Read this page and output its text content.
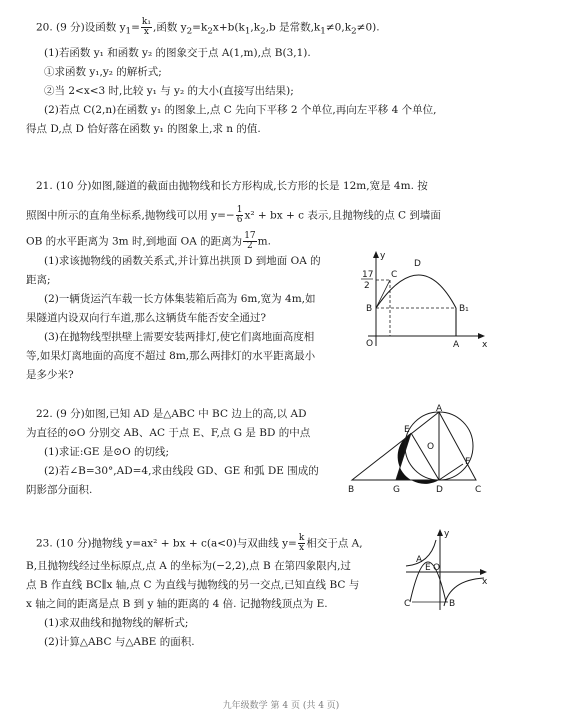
20. (9 分)设函数 $y_1= \frac{\text{k₁}}{x}$ ,函数 $y_2=k_2x+b(k_1,k_2,b$ 是常数$,k_1\ne 0,k_2\ne 0$).
(1)若函数 y₁ 和函数 y₂ 的图象交于点 A(1,m),点 B(3,1).
①求函数 y₁,y₂ 的解析式;
②当 2<x<3 时,比较 y₁ 与 y₂ 的大小(直接写出结果);
(2)若点 C(2,n)在函数 y₁ 的图象上,点 C 先向下平移 2 个单位,再向左平移 4 个单位,
得点 D,点 D 恰好落在函数 y₁ 的图象上,求 n 的值.
21. (10 分)如图,隧道的截面由抛物线和长方形构成,长方形的长是 12m,宽是 4m. 按
照图中所示的直角坐标系,抛物线可以用 $y=- \frac{1}{6} x^2$ + bx + c 表示,且抛物线的点 C 到墙面
OB 的水平距离为 3m 时,到地面 OA 的距离为 $\frac{17}{2} m$.
(1)求该抛物线的函数关系式,并计算出拱顶 D 到地面 OA 的
距离;
(2)一辆货运汽车载一长方体集装箱后高为 6m,宽为 4m,如
果隧道内设双向行车道,那么这辆货车能否安全通过?
(3)在抛物线型拱壁上需要安装两排灯,使它们离地面高度相
等,如果灯离地面的高度不超过 8m,那么两排灯的水平距离最小
是多少米?
y
x
O	A
B	B₁
C
D
17
2
22. (9 分)如图,已知 AD 是△ABC 中 BC 边上的高,以 AD
为直径的⊙O 分别交 AB、AC 于点 E、F,点 G 是 BD 的中点
(1)求证:GE 是⊙O 的切线;
(2)若∠B=30°,AD=4,求由线段 GD、GE 和弧 DE 围成的
阴影部分面积.
A
B	C
D
E
F
G
O
23. (10 分)抛物线 y=ax² + bx + c(a<0)与双曲线 $y= \frac{k}{x}$ 相交于点 A,
B,且抛物线经过坐标原点,点 A 的坐标为(−2,2),点 B 在第四象限内,过
点 B 作直线 BC∥x 轴,点 C 为直线与抛物线的另一交点,已知直线 BC 与
x 轴之间的距离是点 B 到 y 轴的距离的 4 倍. 记抛物线顶点为 E.
(1)求双曲线和抛物线的解析式;
(2)计算△ABC 与△ABE 的面积.
y
x
A
E O
C	B
九年级数学 第 4 页 (共 4 页)
